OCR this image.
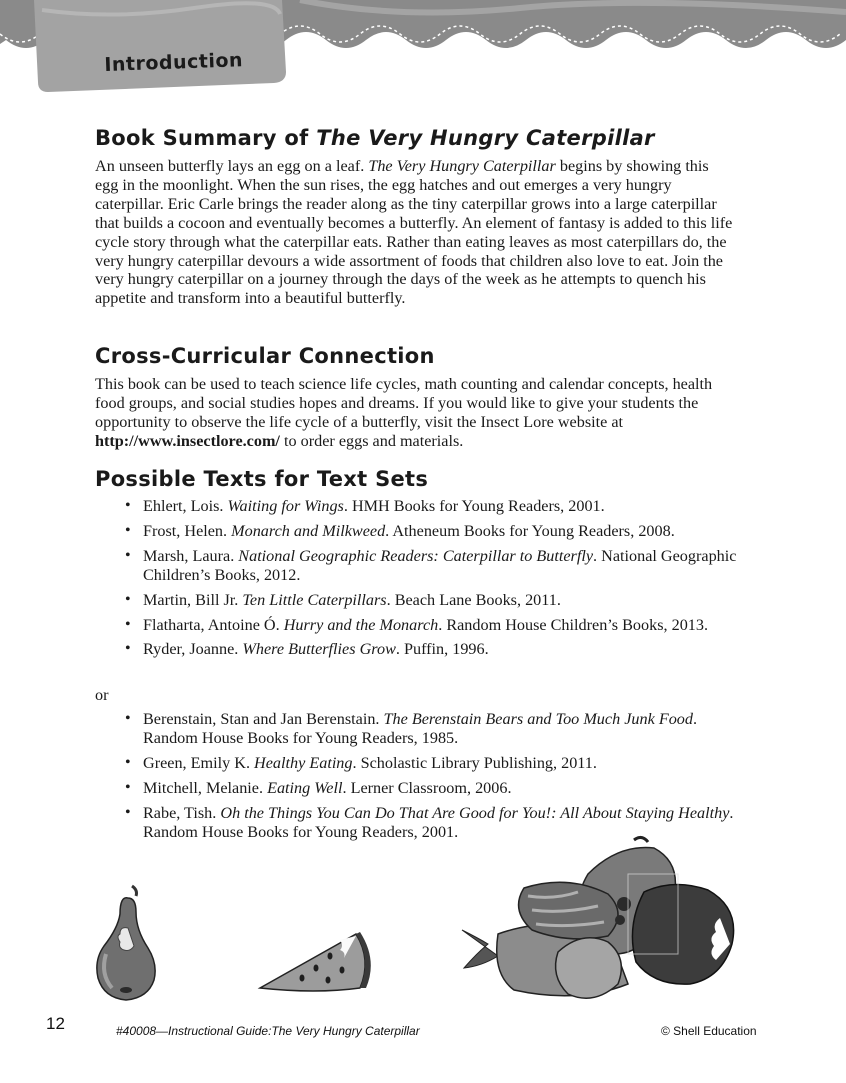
Introduction
Book Summary of The Very Hungry Caterpillar

An unseen butterfly lays an egg on a leaf. The Very Hungry Caterpillar begins by showing this egg in the moonlight. When the sun rises, the egg hatches and out emerges a very hungry caterpillar. Eric Carle brings the reader along as the tiny caterpillar grows into a large caterpillar that builds a cocoon and eventually becomes a butterfly. An element of fantasy is added to this life cycle story through what the caterpillar eats. Rather than eating leaves as most caterpillars do, the very hungry caterpillar devours a wide assortment of foods that children also love to eat. Join the very hungry caterpillar on a journey through the days of the week as he attempts to quench his appetite and transform into a beautiful butterfly.

Cross-Curricular Connection

This book can be used to teach science life cycles, math counting and calendar concepts, health food groups, and social studies hopes and dreams. If you would like to give your students the opportunity to observe the life cycle of a butterfly, visit the Insect Lore website at http://www.insectlore.com/ to order eggs and materials.

Possible Texts for Text Sets
• Ehlert, Lois. Waiting for Wings. HMH Books for Young Readers, 2001.
• Frost, Helen. Monarch and Milkweed. Atheneum Books for Young Readers, 2008.
• Marsh, Laura. National Geographic Readers: Caterpillar to Butterfly. National Geographic Children’s Books, 2012.
• Martin, Bill Jr. Ten Little Caterpillars. Beach Lane Books, 2011.
• Flatharta, Antoine Ó. Hurry and the Monarch. Random House Children’s Books, 2013.
• Ryder, Joanne. Where Butterflies Grow. Puffin, 1996.
or
• Berenstain, Stan and Jan Berenstain. The Berenstain Bears and Too Much Junk Food. Random House Books for Young Readers, 1985.
• Green, Emily K. Healthy Eating. Scholastic Library Publishing, 2011.
• Mitchell, Melanie. Eating Well. Lerner Classroom, 2006.
• Rabe, Tish. Oh the Things You Can Do That Are Good for You!: All About Staying Healthy. Random House Books for Young Readers, 2001.
12	#40008—Instructional Guide:The Very Hungry Caterpillar	© Shell Education
